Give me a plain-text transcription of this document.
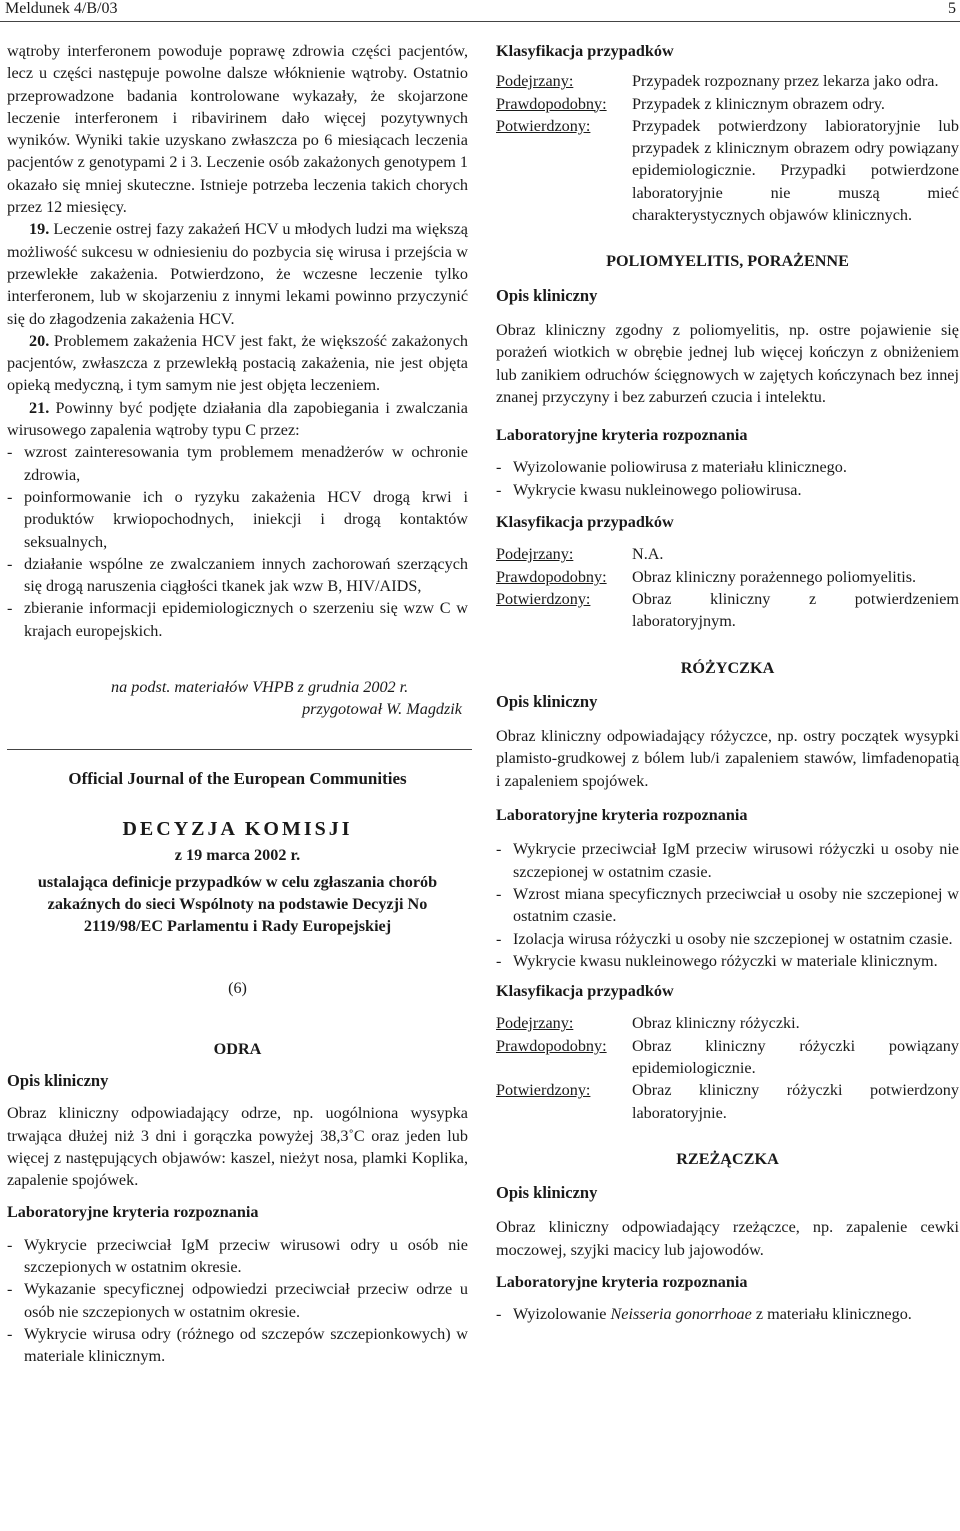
Meldunek 4/B/03	5

wątroby interferonem powoduje poprawę zdrowia części pacjentów, lecz u części następuje powolne dalsze włóknienie wątroby. Ostatnio przeprowadzone badania kontrolowane wykazały, że skojarzone leczenie interferonem i ribavirinem dało więcej pozytywnych wyników. Wyniki takie uzyskano zwłaszcza po 6 miesiącach leczenia pacjentów z genotypami 2 i 3. Leczenie osób zakażonych genotypem 1 okazało się mniej skuteczne. Istnieje potrzeba leczenia takich chorych przez 12 miesięcy.

19. Leczenie ostrej fazy zakażeń HCV u młodych ludzi ma większą możliwość sukcesu w odniesieniu do pozbycia się wirusa i przejścia w przewlekłe zakażenia. Potwierdzono, że wczesne leczenie tylko interferonem, lub w skojarzeniu z innymi lekami powinno przyczynić się do złagodzenia zakażenia HCV.

20. Problemem zakażenia HCV jest fakt, że większość zakażonych pacjentów, zwłaszcza z przewlekłą postacią zakażenia, nie jest objęta opieką medyczną, i tym samym nie jest objęta leczeniem.

21. Powinny być podjęte działania dla zapobiegania i zwalczania wirusowego zapalenia wątroby typu C przez:

- wzrost zainteresowania tym problemem menadżerów w ochronie zdrowia,
- poinformowanie ich o ryzyku zakażenia HCV drogą krwi i produktów krwiopochodnych, iniekcji i drogą kontaktów seksualnych,
- działanie wspólne ze zwalczaniem innych zachorowań szerzących się drogą naruszenia ciągłości tkanek jak wzw B, HIV/AIDS,
- zbieranie informacji epidemiologicznych o szerzeniu się wzw C w krajach europejskich.
na podst. materiałów VHPB z grudnia 2002 r.
przygotował W. Magdzik
Official Journal of the European Communities
DECYZJA KOMISJI
z 19 marca 2002 r.
ustalająca definicje przypadków w celu zgłaszania chorób zakaźnych do sieci Wspólnoty na podstawie Decyzji No 2119/98/EC Parlamentu i Rady Europejskiej
(6)
ODRA
Opis kliniczny

Obraz kliniczny odpowiadający odrze, np. uogólniona wysypka trwająca dłużej niż 3 dni i gorączka powyżej 38,3˚C oraz jeden lub więcej z następujących objawów: kaszel, nieżyt nosa, plamki Koplika, zapalenie spojówek.

Laboratoryjne kryteria rozpoznania
- Wykrycie przeciwciał IgM przeciw wirusowi odry u osób nie szczepionych w ostatnim okresie.
- Wykazanie specyficznej odpowiedzi przeciwciał przeciw odrze u osób nie szczepionych w ostatnim okresie.
- Wykrycie wirusa odry (różnego od szczepów szczepionkowych) w materiale klinicznym.
Klasyfikacja przypadków
Podejrzany:	Przypadek rozpoznany przez lekarza jako odra.
Prawdopodobny:	Przypadek z klinicznym obrazem odry.
Potwierdzony:	Przypadek potwierdzony labioratoryjnie lub przypadek z klinicznym obrazem odry powiązany epidemiologicznie. Przypadki potwierdzone laboratoryjnie nie muszą mieć charakterystycznych objawów klinicznych.
POLIOMYELITIS, PORAŻENNE
Opis kliniczny

Obraz kliniczny zgodny z poliomyelitis, np. ostre pojawienie się porażeń wiotkich w obrębie jednej lub więcej kończyn z obniżeniem lub zanikiem odruchów ścięgnowych w zajętych kończynach bez innej znanej przyczyny i bez zaburzeń czucia i intelektu.

Laboratoryjne kryteria rozpoznania
- Wyizolowanie poliowirusa z materiału klinicznego.
- Wykrycie kwasu nukleinowego poliowirusa.
Klasyfikacja przypadków
Podejrzany:	N.A.
Prawdopodobny:	Obraz kliniczny porażennego poliomyelitis.
Potwierdzony:	Obraz kliniczny z potwierdzeniem laboratoryjnym.
RÓŻYCZKA
Opis kliniczny

Obraz kliniczny odpowiadający różyczce, np. ostry początek wysypki plamisto-grudkowej z bólem lub/i zapaleniem stawów, limfadenopatią i zapaleniem spojówek.

Laboratoryjne kryteria rozpoznania
- Wykrycie przeciwciał IgM przeciw wirusowi różyczki u osoby nie szczepionej w ostatnim czasie.
- Wzrost miana specyficznych przeciwciał u osoby nie szczepionej w ostatnim czasie.
- Izolacja wirusa różyczki u osoby nie szczepionej w ostatnim czasie.
- Wykrycie kwasu nukleinowego różyczki w materiale klinicznym.
Klasyfikacja przypadków
Podejrzany:	Obraz kliniczny różyczki.
Prawdopodobny:	Obraz kliniczny różyczki powiązany epidemiologicznie.
Potwierdzony:	Obraz kliniczny różyczki potwierdzony laboratoryjnie.
RZEŻĄCZKA
Opis kliniczny

Obraz kliniczny odpowiadający rzeżączce, np. zapalenie cewki moczowej, szyjki macicy lub jajowodów.

Laboratoryjne kryteria rozpoznania
- Wyizolowanie Neisseria gonorrhoae z materiału klinicznego.
